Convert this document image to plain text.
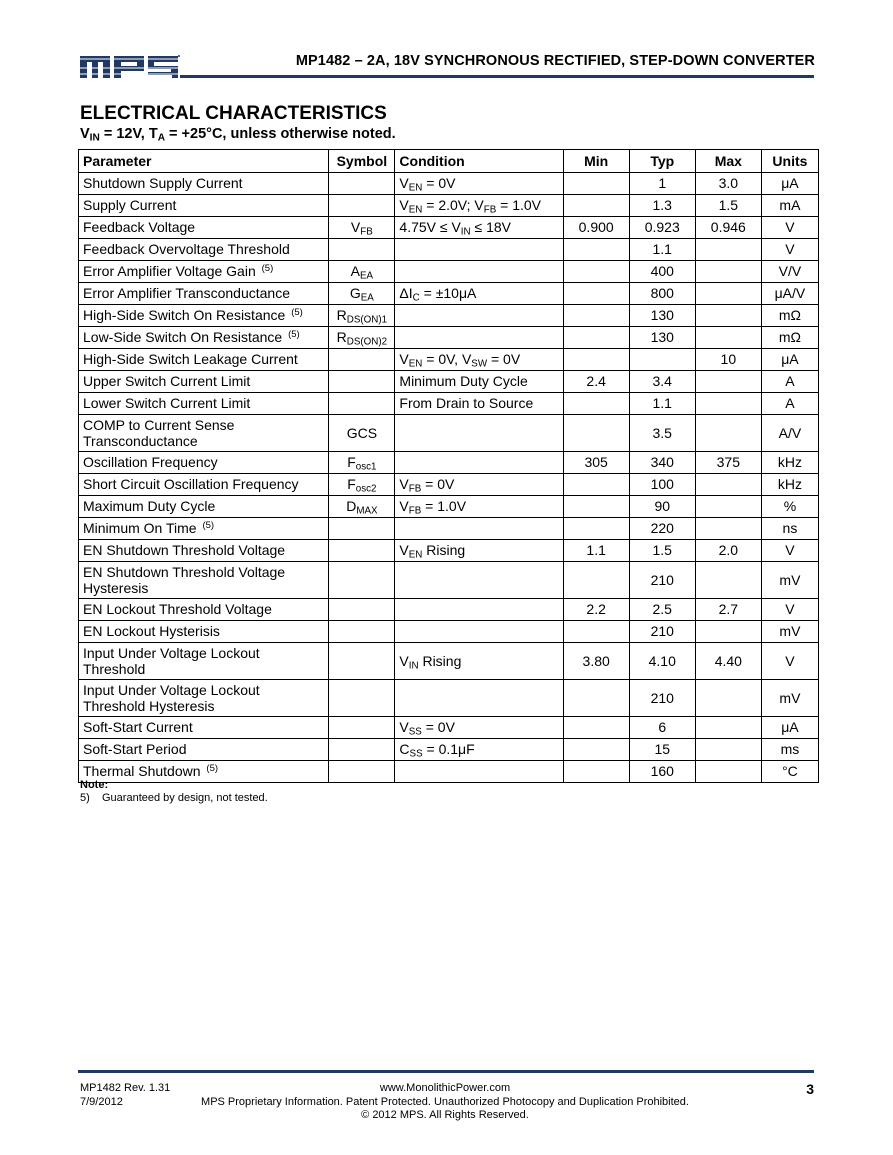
MP1482 – 2A, 18V SYNCHRONOUS RECTIFIED, STEP-DOWN CONVERTER
ELECTRICAL CHARACTERISTICS
$V_{IN} = 12V$, $T_A = +25^\circ C$, unless otherwise noted.
Parameter	Symbol	Condition	Min	Typ	Max	Units
Shutdown Supply Current		$V_{EN} = 0V$		1	3.0	μA
Supply Current		$V_{EN} = 2.0V$; $V_{FB} = 1.0V$		1.3	1.5	mA
Feedback Voltage	$V_{FB}$	$4.75V \le V_{IN} \le 18V$	0.900	0.923	0.946	V
Feedback Overvoltage Threshold				1.1		V
Error Amplifier Voltage Gain $^{(5)}$	$A_{EA}$			400		V/V
Error Amplifier Transconductance	$G_{EA}$	$\Delta I_C = \pm 10\mu A$		800		μA/V
High-Side Switch On Resistance $^{(5)}$	$R_{DS(ON)1}$			130		mΩ
Low-Side Switch On Resistance $^{(5)}$	$R_{DS(ON)2}$			130		mΩ
High-Side Switch Leakage Current		$V_{EN} = 0V$, $V_{SW} = 0V$			10	μA
Upper Switch Current Limit		Minimum Duty Cycle	2.4	3.4		A
Lower Switch Current Limit		From Drain to Source		1.1		A
COMP to Current Sense
Transconductance	GCS			3.5		A/V
Oscillation Frequency	$F_{osc1}$		305	340	375	kHz
Short Circuit Oscillation Frequency	$F_{osc2}$	$V_{FB} = 0V$		100		kHz
Maximum Duty Cycle	$D_{MAX}$	$V_{FB} = 1.0V$		90		%
Minimum On Time $^{(5)}$				220		ns
EN Shutdown Threshold Voltage		$V_{EN}$ Rising	1.1	1.5	2.0	V
EN Shutdown Threshold Voltage
Hysteresis				210		mV
EN Lockout Threshold Voltage			2.2	2.5	2.7	V
EN Lockout Hysterisis				210		mV
Input Under Voltage Lockout
Threshold		$V_{IN}$ Rising	3.80	4.10	4.40	V
Input Under Voltage Lockout
Threshold Hysteresis				210		mV
Soft-Start Current		$V_{SS} = 0V$		6		μA
Soft-Start Period		$C_{SS} = 0.1\mu F$		15		ms
Thermal Shutdown $^{(5)}$				160		°C
Note:
5)    Guaranteed by design, not tested.
MP1482 Rev. 1.31
7/9/2012
www.MonolithicPower.com
MPS Proprietary Information. Patent Protected. Unauthorized Photocopy and Duplication Prohibited.
© 2012 MPS. All Rights Reserved.
3
